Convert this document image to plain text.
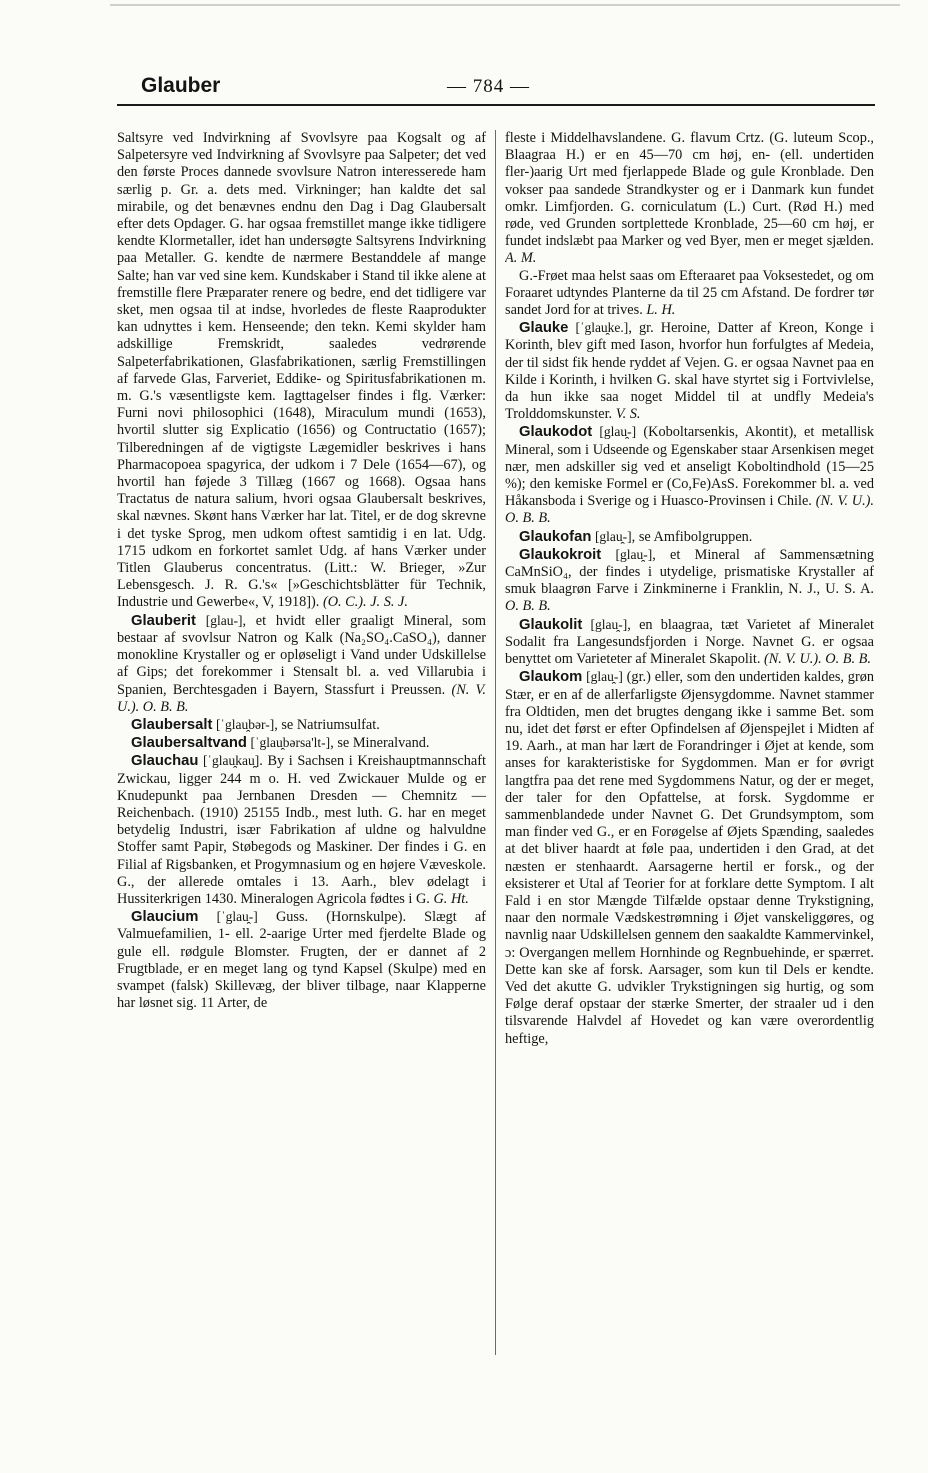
Glauber	— 784 —

Saltsyre ved Indvirkning af Svovlsyre paa Kogsalt og af Salpetersyre ved Indvirkning af Svovlsyre paa Salpeter; det ved den første Proces dannede svovlsure Natron interesserede ham særlig p. Gr. a. dets med. Virkninger; han kaldte det sal mirabile, og det benævnes endnu den Dag i Dag Glaubersalt efter dets Opdager. G. har ogsaa fremstillet mange ikke tidligere kendte Klormetaller, idet han undersøgte Saltsyrens Indvirkning paa Metaller. G. kendte de nærmere Bestanddele af mange Salte; han var ved sine kem. Kundskaber i Stand til ikke alene at fremstille flere Præparater renere og bedre, end det tidligere var sket, men ogsaa til at indse, hvorledes de fleste Raaprodukter kan udnyttes i kem. Henseende; den tekn. Kemi skylder ham adskillige Fremskridt, saaledes vedrørende Salpeterfabrikationen, Glasfabrikationen, særlig Fremstillingen af farvede Glas, Farveriet, Eddike- og Spiritusfabrikationen m. m. G.'s væsentligste kem. Iagttagelser findes i flg. Værker: Furni novi philosophici (1648), Miraculum mundi (1653), hvortil slutter sig Explicatio (1656) og Contructatio (1657); Tilberedningen af de vigtigste Lægemidler beskrives i hans Pharmacopoea spagyrica, der udkom i 7 Dele (1654—67), og hvortil han føjede 3 Tillæg (1667 og 1668). Ogsaa hans Tractatus de natura salium, hvori ogsaa Glaubersalt beskrives, skal nævnes. Skønt hans Værker har lat. Titel, er de dog skrevne i det tyske Sprog, men udkom oftest samtidig i en lat. Udg. 1715 udkom en forkortet samlet Udg. af hans Værker under Titlen Glauberus concentratus. (Litt.: W. Brieger, »Zur Lebensgesch. J. R. G.'s« [»Geschichtsblätter für Technik, Industrie und Gewerbe«, V, 1918]). (O. C.). J. S. J.

Glauberit [glau-], et hvidt eller graaligt Mineral, som bestaar af svovlsur Natron og Kalk (Na₂SO₄.CaSO₄), danner monokline Krystaller og er opløseligt i Vand under Udskillelse af Gips; det forekommer i Stensalt bl. a. ved Villarubia i Spanien, Berchtesgaden i Bayern, Stassfurt i Preussen. (N. V. U.). O. B. B.

Glaubersalt [ˈglau̯bər-], se Natriumsulfat.

Glaubersaltvand [ˈglau̯bərsa'lt-], se Mineralvand.

Glauchau [ˈglau̯kau̯]. By i Sachsen i Kreishauptmannschaft Zwickau, ligger 244 m o. H. ved Zwickauer Mulde og er Knudepunkt paa Jernbanen Dresden — Chemnitz — Reichenbach. (1910) 25155 Indb., mest luth. G. har en meget betydelig Industri, især Fabrikation af uldne og halvuldne Stoffer samt Papir, Støbegods og Maskiner. Der findes i G. en Filial af Rigsbanken, et Progymnasium og en højere Væveskole. G., der allerede omtales i 13. Aarh., blev ødelagt i Hussiterkrigen 1430. Mineralogen Agricola fødtes i G. G. Ht.

Glaucium [ˈglau̯-] Guss. (Hornskulpe). Slægt af Valmuefamilien, 1- ell. 2-aarige Urter med fjerdelte Blade og gule ell. rødgule Blomster. Frugten, der er dannet af 2 Frugtblade, er en meget lang og tynd Kapsel (Skulpe) med en svampet (falsk) Skillevæg, der bliver tilbage, naar Klapperne har løsnet sig. 11 Arter, de

fleste i Middelhavslandene. G. flavum Crtz. (G. luteum Scop., Blaagraa H.) er en 45—70 cm høj, en- (ell. undertiden fler-)aarig Urt med fjerlappede Blade og gule Kronblade. Den vokser paa sandede Strandkyster og er i Danmark kun fundet omkr. Limfjorden. G. corniculatum (L.) Curt. (Rød H.) med røde, ved Grunden sortplettede Kronblade, 25—60 cm høj, er fundet indslæbt paa Marker og ved Byer, men er meget sjælden. A. M.

G.-Frøet maa helst saas om Efteraaret paa Voksestedet, og om Foraaret udtyndes Planterne da til 25 cm Afstand. De fordrer tør sandet Jord for at trives. L. H.

Glauke [ˈglau̯ke.], gr. Heroine, Datter af Kreon, Konge i Korinth, blev gift med Iason, hvorfor hun forfulgtes af Medeia, der til sidst fik hende ryddet af Vejen. G. er ogsaa Navnet paa en Kilde i Korinth, i hvilken G. skal have styrtet sig i Fortvivlelse, da hun ikke saa noget Middel til at undfly Medeia's Trolddomskunster. V. S.

Glaukodot [glau̯-] (Koboltarsenkis, Akontit), et metallisk Mineral, som i Udseende og Egenskaber staar Arsenkisen meget nær, men adskiller sig ved et anseligt Koboltindhold (15—25 %); den kemiske Formel er (Co,Fe)AsS. Forekommer bl. a. ved Håkansboda i Sverige og i Huasco-Provinsen i Chile. (N. V. U.). O. B. B.

Glaukofan [glau̯-], se Amfibolgruppen.

Glaukokroit [glau̯-], et Mineral af Sammensætning CaMnSiO₄, der findes i utydelige, prismatiske Krystaller af smuk blaagrøn Farve i Zinkminerne i Franklin, N. J., U. S. A. O. B. B.

Glaukolit [glau̯-], en blaagraa, tæt Varietet af Mineralet Sodalit fra Langesundsfjorden i Norge. Navnet G. er ogsaa benyttet om Varieteter af Mineralet Skapolit. (N. V. U.). O. B. B.

Glaukom [glau̯-] (gr.) eller, som den undertiden kaldes, grøn Stær, er en af de allerfarligste Øjensygdomme. Navnet stammer fra Oldtiden, men det brugtes dengang ikke i samme Bet. som nu, idet det først er efter Opfindelsen af Øjenspejlet i Midten af 19. Aarh., at man har lært de Forandringer i Øjet at kende, som anses for karakteristiske for Sygdommen. Man er for øvrigt langtfra paa det rene med Sygdommens Natur, og der er meget, der taler for den Opfattelse, at forsk. Sygdomme er sammenblandede under Navnet G. Det Grundsymptom, som man finder ved G., er en Forøgelse af Øjets Spænding, saaledes at det bliver haardt at føle paa, undertiden i den Grad, at det næsten er stenhaardt. Aarsagerne hertil er forsk., og der eksisterer et Utal af Teorier for at forklare dette Symptom. I alt Fald i en stor Mængde Tilfælde opstaar denne Trykstigning, naar den normale Vædskestrømning i Øjet vanskeliggøres, og navnlig naar Udskillelsen gennem den saakaldte Kammervinkel, ɔ: Overgangen mellem Hornhinde og Regnbuehinde, er spærret. Dette kan ske af forsk. Aarsager, som kun til Dels er kendte. Ved det akutte G. udvikler Trykstigningen sig hurtig, og som Følge deraf opstaar der stærke Smerter, der straaler ud i den tilsvarende Halvdel af Hovedet og kan være overordentlig heftige,
